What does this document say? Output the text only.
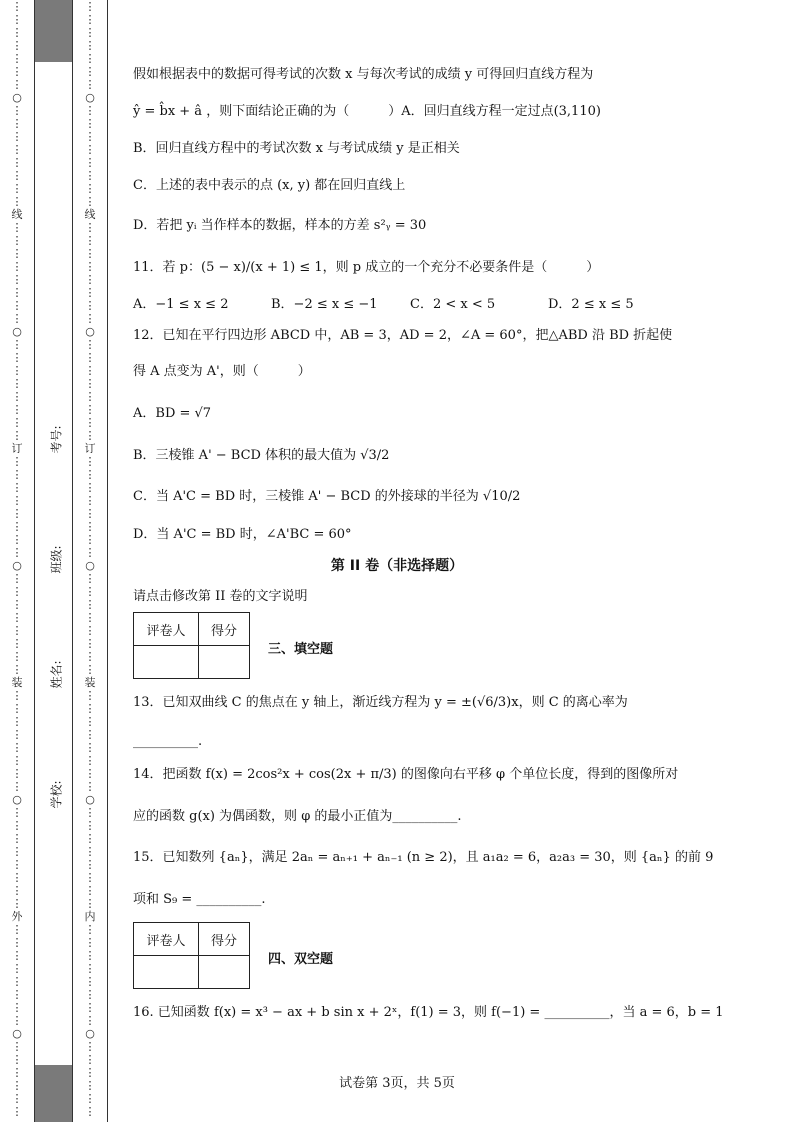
⋮
⋮
⋮
⋮
⋮
⋮
⋮
○
⋮
⋮
⋮
⋮
⋮
⋮
⋮
⋮
线
⋮
⋮
⋮
⋮
⋮
⋮
⋮
⋮
○
⋮
⋮
⋮
⋮
⋮
⋮
⋮
⋮
订
⋮
⋮
⋮
⋮
⋮
⋮
⋮
⋮
○
⋮
⋮
⋮
⋮
⋮
⋮
⋮
⋮
装
⋮
⋮
⋮
⋮
⋮
⋮
⋮
⋮
○
⋮
⋮
⋮
⋮
⋮
⋮
⋮
⋮
外
⋮
⋮
⋮
⋮
⋮
⋮
⋮
⋮
○
⋮
⋮
⋮
⋮
⋮
⋮
⋮
⋮
⋮
⋮
⋮
⋮
⋮
○
⋮
⋮
⋮
⋮
⋮
⋮
⋮
⋮
线
⋮
⋮
⋮
⋮
⋮
⋮
⋮
⋮
○
⋮
⋮
⋮
⋮
⋮
⋮
⋮
⋮
订
⋮
⋮
⋮
⋮
⋮
⋮
⋮
⋮
○
⋮
⋮
⋮
⋮
⋮
⋮
⋮
⋮
装
⋮
⋮
⋮
⋮
⋮
⋮
⋮
⋮
○
⋮
⋮
⋮
⋮
⋮
⋮
⋮
⋮
内
⋮
⋮
⋮
⋮
⋮
⋮
⋮
⋮
○
⋮
⋮
⋮
⋮
⋮
⋮
考号:
班级:
姓名:
学校:
假如根据表中的数据可得考试的次数 x 与每次考试的成绩 y 可得回归直线方程为
ŷ = b̂x + â ，则下面结论正确的为（　　　）A．回归直线方程一定过点(3,110)
B．回归直线方程中的考试次数 x 与考试成绩 y 是正相关
C．上述的表中表示的点 (x, y) 都在回归直线上
D．若把 yᵢ 当作样本的数据，样本的方差 s²ᵧ = 30
11．若 p：(5 − x)/(x + 1) ≤ 1，则 p 成立的一个充分不必要条件是（　　　）
A．−1 ≤ x ≤ 2	B．−2 ≤ x ≤ −1 C．2 < x < 5	D．2 ≤ x ≤ 5
12．已知在平行四边形 ABCD 中，AB = 3，AD = 2，∠A = 60°，把△ABD 沿 BD 折起使
得 A 点变为 A'，则（　　　）
A．BD = √7
B．三棱锥 A' − BCD 体积的最大值为 √3/2
C．当 A'C = BD 时，三棱锥 A' − BCD 的外接球的半径为 √10/2
D．当 A'C = BD 时，∠A'BC = 60°
第 II 卷（非选择题）
请点击修改第 II 卷的文字说明
评卷人	得分

三、填空题
13．已知双曲线 C 的焦点在 y 轴上，渐近线方程为 y = ±(√6/3)x，则 C 的离心率为
__________.
14．把函数 f(x) = 2cos²x + cos(2x + π/3) 的图像向右平移 φ 个单位长度，得到的图像所对
应的函数 g(x) 为偶函数，则 φ 的最小正值为__________.
15．已知数列 {aₙ}，满足 2aₙ = aₙ₊₁ + aₙ₋₁ (n ≥ 2)，且 a₁a₂ = 6，a₂a₃ = 30，则 {aₙ} 的前 9
项和 S₉ = __________.
评卷人	得分

四、双空题
16. 已知函数 f(x) = x³ − ax + b sin x + 2ˣ，f(1) = 3，则 f(−1) = __________，当 a = 6，b = 1
试卷第 3页，共 5页
